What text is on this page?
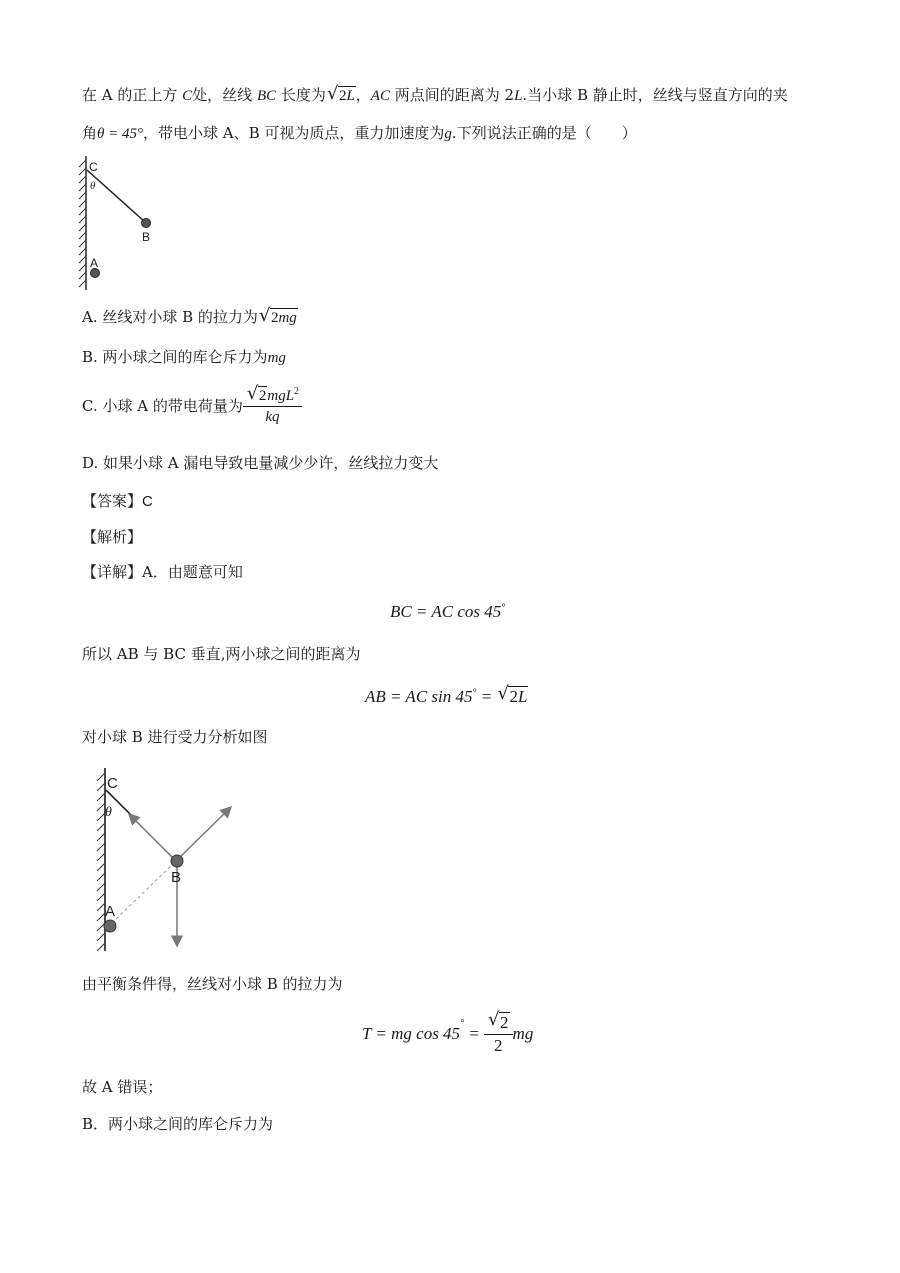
在 A 的正上方 C处，丝线 BC 长度为 √ 2L，AC 两点间的距离为 2L.当小球 B 静止时，丝线与竖直方向的夹
角θ = 45°，带电小球 A、B 可视为质点，重力加速度为g.下列说法正确的是（　　）
C
θ
B
A
A. 丝线对小球 B 的拉力为 √ 2mg
B. 两小球之间的库仑斥力为mg
C. 小球 A 的带电荷量为 $\frac{√ 2mgL^2}{kq}$
D. 如果小球 A 漏电导致电量减少少许，丝线拉力变大
【答案】C
【解析】
【详解】A．由题意可知
BC = AC cos 45°
所以 AB 与 BC 垂直,两小球之间的距离为
AB = AC sin 45° = √ 2L
对小球 B 进行受力分析如图
C
θ
B
A
由平衡条件得，丝线对小球 B 的拉力为
T = mg cos 45
°
= $\frac{√ 2}{2}$ mg
故 A 错误；
B．两小球之间的库仑斥力为
